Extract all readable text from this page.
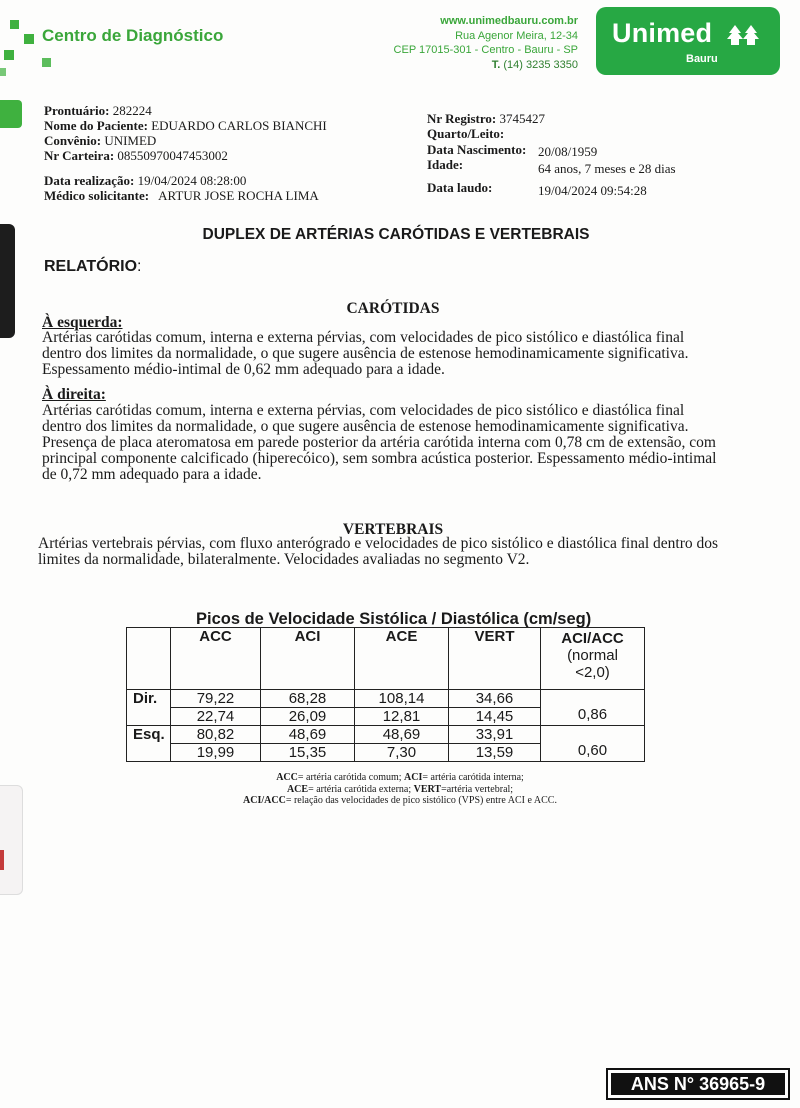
Centro de Diagnóstico
www.unimedbauru.com.br
Rua Agenor Meira, 12-34
CEP 17015-301 - Centro - Bauru - SP
T. (14) 3235 3350
Unimed
Bauru
Prontuário: 282224
Nome do Paciente: EDUARDO CARLOS BIANCHI
Convênio: UNIMED
Nr Carteira: 08550970047453002
Data realização: 19/04/2024 08:28:00
Médico solicitante: ARTUR JOSE ROCHA LIMA
Nr Registro: 3745427
Quarto/Leito:
Data Nascimento: 20/08/1959
Idade:	64 anos, 7 meses e 28 dias
Data laudo:	19/04/2024 09:54:28
DUPLEX DE ARTÉRIAS CARÓTIDAS E VERTEBRAIS
RELATÓRIO:
CARÓTIDAS
À esquerda:
Artérias carótidas comum, interna e externa pérvias, com velocidades de pico sistólico e diastólica final
dentro dos limites da normalidade, o que sugere ausência de estenose hemodinamicamente significativa.
Espessamento médio-intimal de 0,62 mm adequado para a idade.
À direita:
Artérias carótidas comum, interna e externa pérvias, com velocidades de pico sistólico e diastólica final
dentro dos limites da normalidade, o que sugere ausência de estenose hemodinamicamente significativa.
Presença de placa ateromatosa em parede posterior da artéria carótida interna com 0,78 cm de extensão, com
principal componente calcificado (hiperecóico), sem sombra acústica posterior. Espessamento médio-intimal
de 0,72 mm adequado para a idade.
VERTEBRAIS
Artérias vertebrais pérvias, com fluxo anterógrado e velocidades de pico sistólico e diastólica final dentro dos
limites da normalidade, bilateralmente. Velocidades avaliadas no segmento V2.
Picos de Velocidade Sistólica / Diastólica (cm/seg)
	ACC	ACI	ACE	VERT	ACI/ACC
(normal
<2,0)

Dir.	79,22	68,28	108,14	34,66	0,86
	22,74	26,09	12,81	14,45	
Esq.	80,82	48,69	48,69	33,91	0,60
	19,99	15,35	7,30	13,59	
ACC= artéria carótida comum; ACI= artéria carótida interna;
ACE= artéria carótida externa; VERT=artéria vertebral;
ACI/ACC= relação das velocidades de pico sistólico (VPS) entre ACI e ACC.
ANS N° 36965-9
